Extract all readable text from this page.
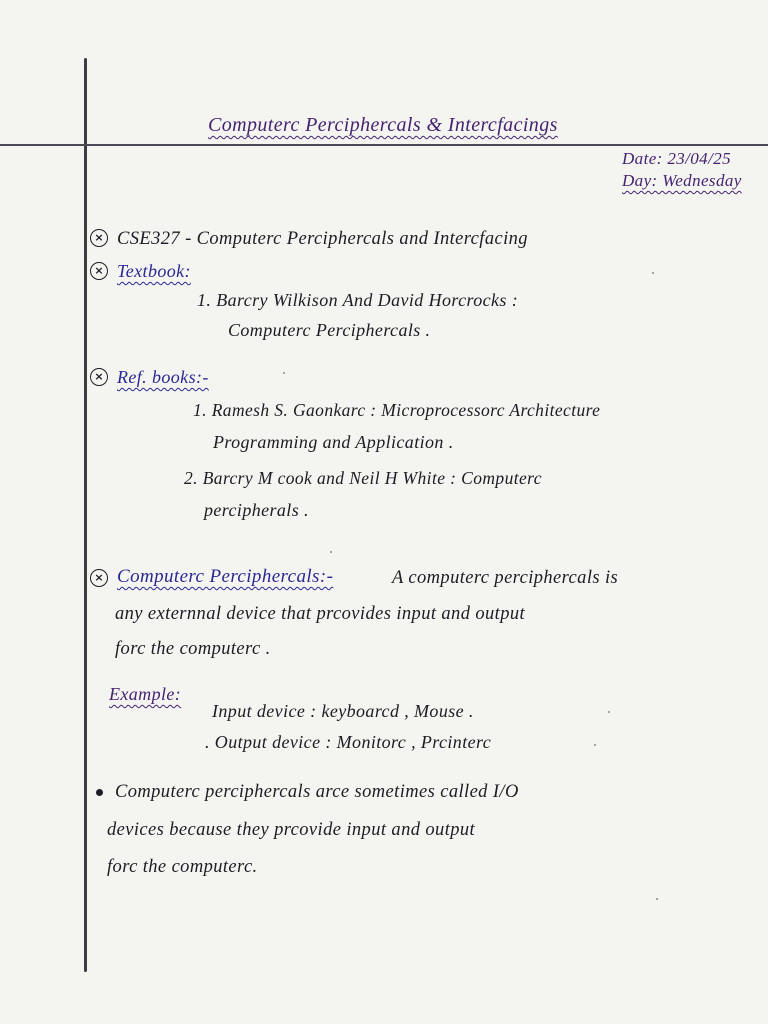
Computerc Perciphercals & Intercfacings
Date: 23/04/25
Day: Wednesday
× CSE327 - Computerc Perciphercals and Intercfacing
× Textbook:
1. Barcry Wilkison And David Horcrocks :
Computerc Perciphercals .
× Ref. books:-
1. Ramesh S. Gaonkarc : Microprocessorc Architecture
Programming and Application .
2. Barcry M cook and Neil H White : Computerc
percipherals .
× Computerc Perciphercals:-	A computerc perciphercals is
any externnal device that prcovides input and output
forc the computerc .
Example:
Input device : keyboarcd , Mouse .
. Output device : Monitorc , Prcinterc
Computerc perciphercals arce sometimes called I/O
devices because they prcovide input and output
forc the computerc.
